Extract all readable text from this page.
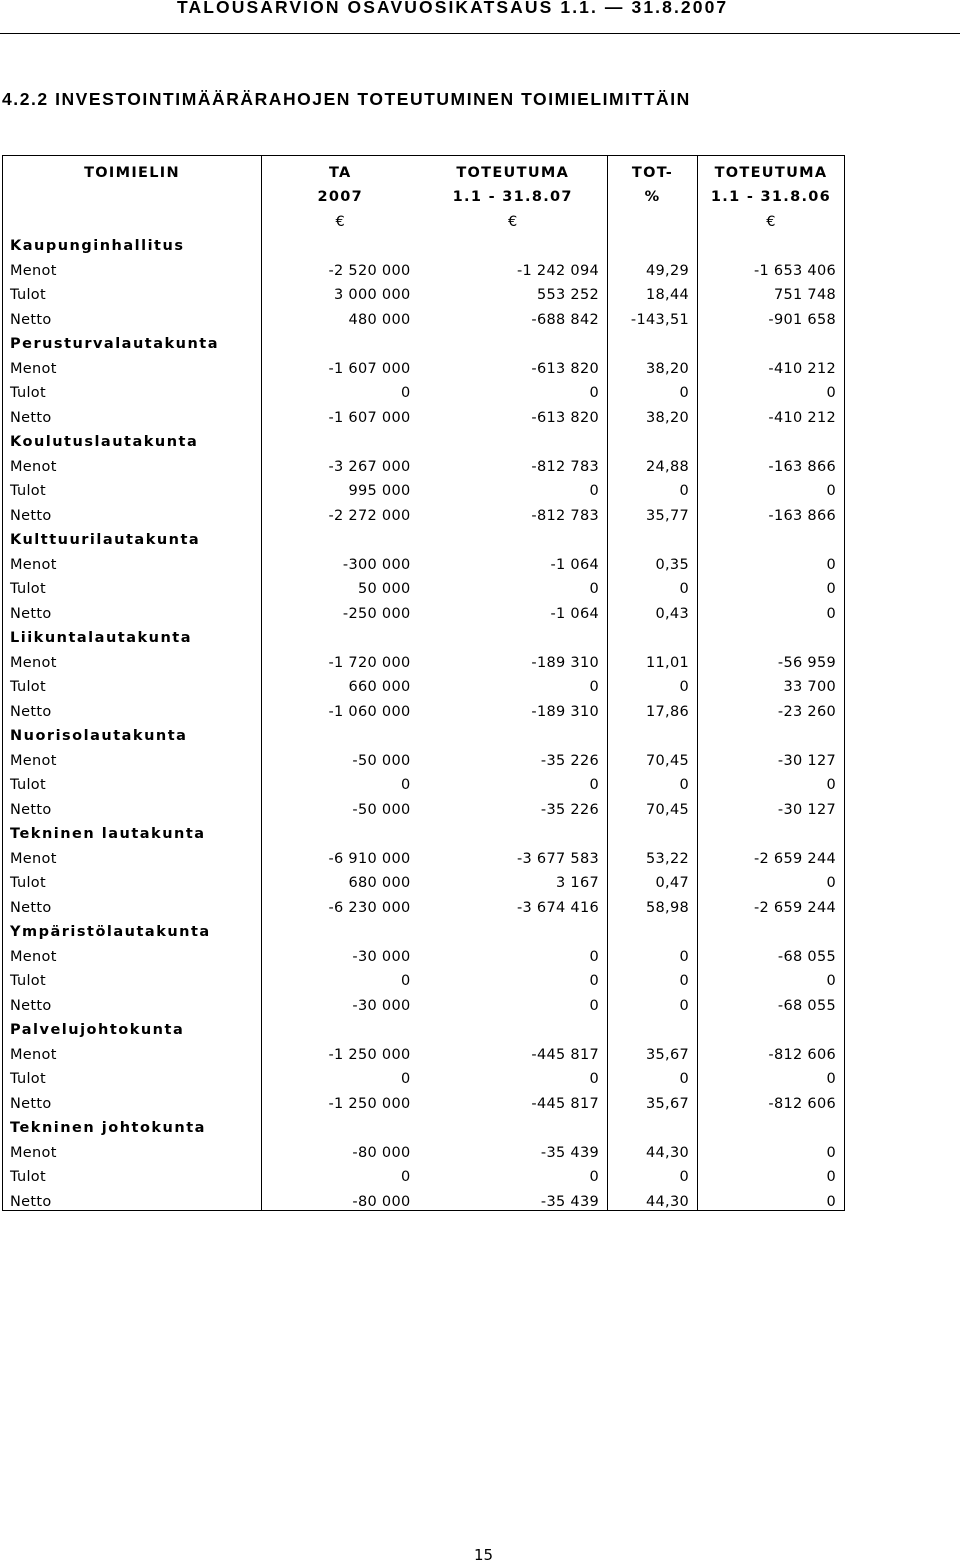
TALOUSARVION OSAVUOSIKATSAUS 1.1. — 31.8.2007
4.2.2 INVESTOINTIMÄÄRÄRAHOJEN TOTEUTUMINEN TOIMIELIMITTÄIN
TOIMIELIN	TA	TOTEUTUMA	TOT-	TOTEUTUMA
	2007	1.1 - 31.8.07	%	1.1 - 31.8.06
	€	€		€
Kaupunginhallitus				
Menot	-2 520 000	-1 242 094	49,29	-1 653 406
Tulot	3 000 000	553 252	18,44	751 748
Netto	480 000	-688 842	-143,51	-901 658
Perusturvalautakunta				
Menot	-1 607 000	-613 820	38,20	-410 212
Tulot	0	0	0	0
Netto	-1 607 000	-613 820	38,20	-410 212
Koulutuslautakunta				
Menot	-3 267 000	-812 783	24,88	-163 866
Tulot	995 000	0	0	0
Netto	-2 272 000	-812 783	35,77	-163 866
Kulttuurilautakunta				
Menot	-300 000	-1 064	0,35	0
Tulot	50 000	0	0	0
Netto	-250 000	-1 064	0,43	0
Liikuntalautakunta				
Menot	-1 720 000	-189 310	11,01	-56 959
Tulot	660 000	0	0	33 700
Netto	-1 060 000	-189 310	17,86	-23 260
Nuorisolautakunta				
Menot	-50 000	-35 226	70,45	-30 127
Tulot	0	0	0	0
Netto	-50 000	-35 226	70,45	-30 127
Tekninen lautakunta				
Menot	-6 910 000	-3 677 583	53,22	-2 659 244
Tulot	680 000	3 167	0,47	0
Netto	-6 230 000	-3 674 416	58,98	-2 659 244
Ympäristölautakunta				
Menot	-30 000	0	0	-68 055
Tulot	0	0	0	0
Netto	-30 000	0	0	-68 055
Palvelujohtokunta				
Menot	-1 250 000	-445 817	35,67	-812 606
Tulot	0	0	0	0
Netto	-1 250 000	-445 817	35,67	-812 606
Tekninen johtokunta				
Menot	-80 000	-35 439	44,30	0
Tulot	0	0	0	0
Netto	-80 000	-35 439	44,30	0
15
